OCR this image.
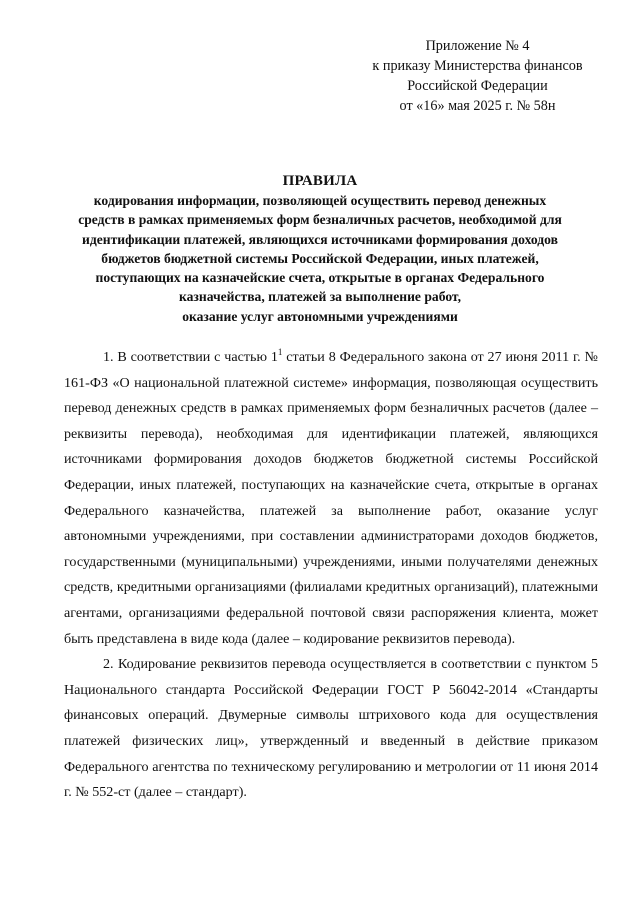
Приложение № 4
к приказу Министерства финансов
Российской Федерации
от «16» мая 2025 г. № 58н
ПРАВИЛА
кодирования информации, позволяющей осуществить перевод денежных
средств в рамках применяемых форм безналичных расчетов, необходимой для
идентификации платежей, являющихся источниками формирования доходов
бюджетов бюджетной системы Российской Федерации, иных платежей,
поступающих на казначейские счета, открытые в органах Федерального
казначейства, платежей за выполнение работ,
оказание услуг автономными учреждениями

1. В соответствии с частью $1^1$ статьи 8 Федерального закона от 27 июня 2011 г. № 161-ФЗ «О национальной платежной системе» информация, позволяющая осуществить перевод денежных средств в рамках применяемых форм безналичных расчетов (далее – реквизиты перевода), необходимая для идентификации платежей, являющихся источниками формирования доходов бюджетов бюджетной системы Российской Федерации, иных платежей, поступающих на казначейские счета, открытые в органах Федерального казначейства, платежей за выполнение работ, оказание услуг автономными учреждениями, при составлении администраторами доходов бюджетов, государственными (муниципальными) учреждениями, иными получателями денежных средств, кредитными организациями (филиалами кредитных организаций), платежными агентами, организациями федеральной почтовой связи распоряжения клиента, может быть представлена в виде кода (далее – кодирование реквизитов перевода).

2. Кодирование реквизитов перевода осуществляется в соответствии с пунктом 5 Национального стандарта Российской Федерации ГОСТ Р 56042-2014 «Стандарты финансовых операций. Двумерные символы штрихового кода для осуществления платежей физических лиц», утвержденный и введенный в действие приказом Федерального агентства по техническому регулированию и метрологии от 11 июня 2014 г. № 552-ст (далее – стандарт).
